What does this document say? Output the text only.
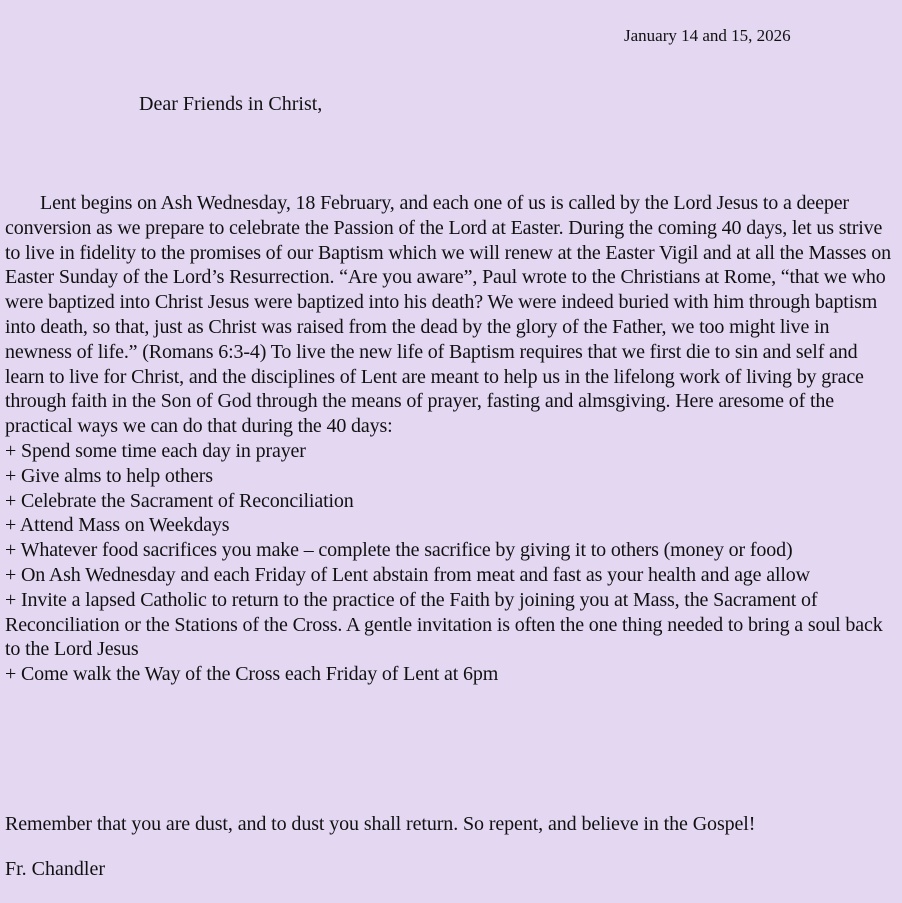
January 14 and 15, 2026
Dear Friends in Christ,

Lent begins on Ash Wednesday, 18 February, and each one of us is called by the Lord Jesus to a deeper conversion as we prepare to celebrate the Passion of the Lord at Easter. During the coming 40 days, let us strive to live in fidelity to the promises of our Baptism which we will renew at the Easter Vigil and at all the Masses on Easter Sunday of the Lord’s Resurrection. “Are you aware”, Paul wrote to the Christians at Rome, “that we who were baptized into Christ Jesus were baptized into his death? We were indeed buried with him through baptism into death, so that, just as Christ was raised from the dead by the glory of the Father, we too might live in newness of life.” (Romans 6:3-4) To live the new life of Baptism requires that we first die to sin and self and learn to live for Christ, and the disciplines of Lent are meant to help us in the lifelong work of living by grace through faith in the Son of God through the means of prayer, fasting and almsgiving. Here aresome of the practical ways we can do that during the 40 days:

+ Spend some time each day in prayer

+ Give alms to help others

+ Celebrate the Sacrament of Reconciliation

+ Attend Mass on Weekdays

+ Whatever food sacrifices you make – complete the sacrifice by giving it to others (money or food)

+ On Ash Wednesday and each Friday of Lent abstain from meat and fast as your health and age allow

+ Invite a lapsed Catholic to return to the practice of the Faith by joining you at Mass, the Sacrament of Reconciliation or the Stations of the Cross. A gentle invitation is often the one thing needed to bring a soul back to the Lord Jesus

+ Come walk the Way of the Cross each Friday of Lent at 6pm

Remember that you are dust, and to dust you shall return. So repent, and believe in the Gospel!
Fr. Chandler
